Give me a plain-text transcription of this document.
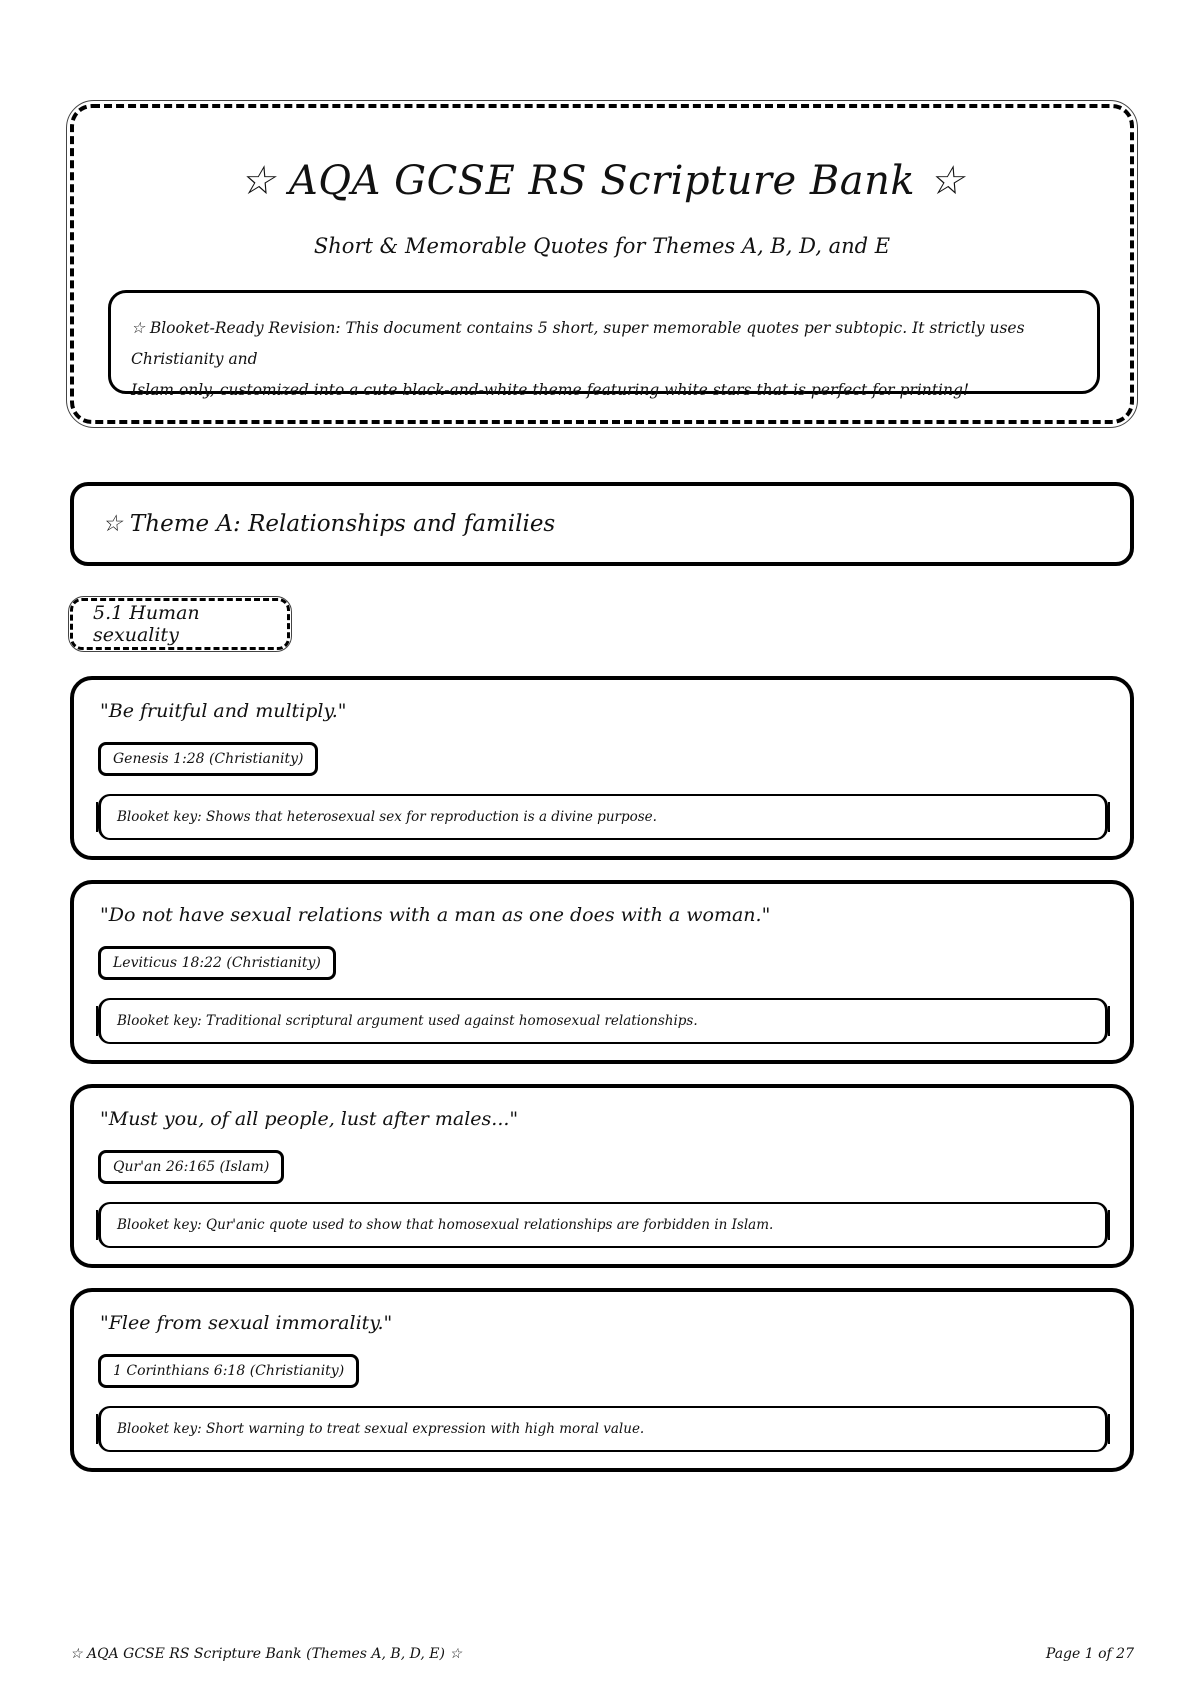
☆ AQA GCSE RS Scripture Bank ☆
Short & Memorable Quotes for Themes A, B, D, and E
☆ Blooket-Ready Revision: This document contains 5 short, super memorable quotes per subtopic. It strictly uses Christianity and
Islam only, customized into a cute black-and-white theme featuring white stars that is perfect for printing!
☆ Theme A: Relationships and families
5.1 Human sexuality
"Be fruitful and multiply."
Genesis 1:28 (Christianity)
Blooket key: Shows that heterosexual sex for reproduction is a divine purpose.
"Do not have sexual relations with a man as one does with a woman."
Leviticus 18:22 (Christianity)
Blooket key: Traditional scriptural argument used against homosexual relationships.
"Must you, of all people, lust after males..."
Qur'an 26:165 (Islam)
Blooket key: Qur'anic quote used to show that homosexual relationships are forbidden in Islam.
"Flee from sexual immorality."
1 Corinthians 6:18 (Christianity)
Blooket key: Short warning to treat sexual expression with high moral value.
☆ AQA GCSE RS Scripture Bank (Themes A, B, D, E) ☆	Page 1 of 27
